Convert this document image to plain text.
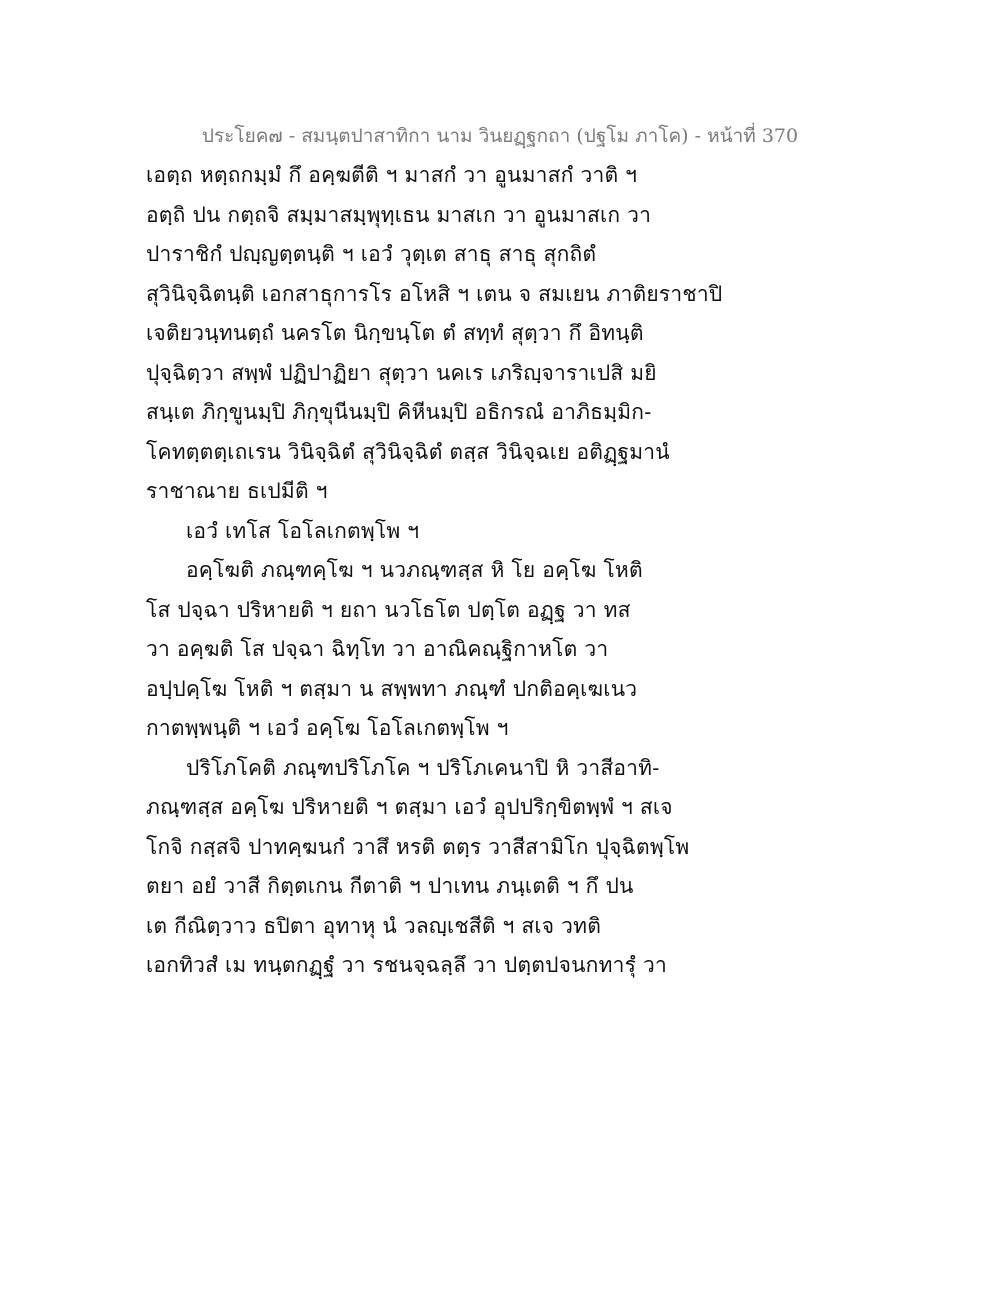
ประโยค๗ - สมนฺตปาสาทิกา นาม วินยฏฺฐกถา (ปฐโม ภาโค) - หน้าที่ 370
เอตฺถ หตฺถกมฺมํ กึ อคฺฆตีติ ฯ มาสกํ วา อูนมาสกํ วาติ ฯ
อตฺถิ ปน กตฺถจิ สมฺมาสมฺพุทฺเธน มาสเก วา อูนมาสเก วา
ปาราชิกํ ปญฺญตฺตนฺติ ฯ เอวํ วุตฺเต สาธุ สาธุ สุกถิตํ
สุวินิจฺฉิตนฺติ เอกสาธุการโร อโหสิ ฯ เตน จ สมเยน ภาติยราชาปิ
เจติยวนฺทนตฺถํ นครโต นิกฺขนฺโต ตํ สทฺทํ สุตฺวา กึ อิทนฺติ
ปุจฺฉิตฺวา สพฺพํ ปฏิปาฏิยา สุตฺวา นคเร เภริญฺจาราเปสิ มยิ
สนฺเต ภิกฺขูนมฺปิ ภิกฺขุนีนมฺปิ คิหีนมฺปิ อธิกรณํ อาภิธมฺมิก-
โคทตฺตตฺเถเรน วินิจฺฉิตํ สุวินิจฺฉิตํ ตสฺส วินิจฺฉเย อติฏฺฐมานํ
ราชาณาย ธเปมีติ ฯ
เอวํ เทโส โอโลเกตพฺโพ ฯ
อคฺโฆติ ภณฺฑคฺโฆ ฯ นวภณฺฑสฺส หิ โย อคฺโฆ โหติ
โส ปจฺฉา ปริหายติ ฯ ยถา นวโธโต ปตฺโต อฏฺฐ วา ทส
วา อคฺฆติ โส ปจฺฉา ฉิทฺโท วา อาณิคณฺฐิกาหโต วา
อปฺปคฺโฆ โหติ ฯ ตสฺมา น สพฺพทา ภณฺฑํ ปกติอคฺเฆเนว
กาตพฺพนฺติ ฯ เอวํ อคฺโฆ โอโลเกตพฺโพ ฯ
ปริโภโคติ ภณฺฑปริโภโค ฯ ปริโภเคนาปิ หิ วาสีอาทิ-
ภณฺฑสฺส อคฺโฆ ปริหายติ ฯ ตสฺมา เอวํ อุปปริกฺขิตพฺพํ ฯ สเจ
โกจิ กสฺสจิ ปาทคฺฆนกํ วาสึ หรติ ตตฺร วาสีสามิโก ปุจฺฉิตพฺโพ
ตยา อยํ วาสี กิตฺตเกน กีตาติ ฯ ปาเทน ภนฺเตติ ฯ กึ ปน
เต กีณิตฺวาว ธปิตา อุทาหุ นํ วลญฺเชสีติ ฯ สเจ วทติ
เอกทิวสํ เม ทนฺตกฏฺฐํ วา รชนจฺฉลฺลึ วา ปตฺตปจนกทารุํ วา
